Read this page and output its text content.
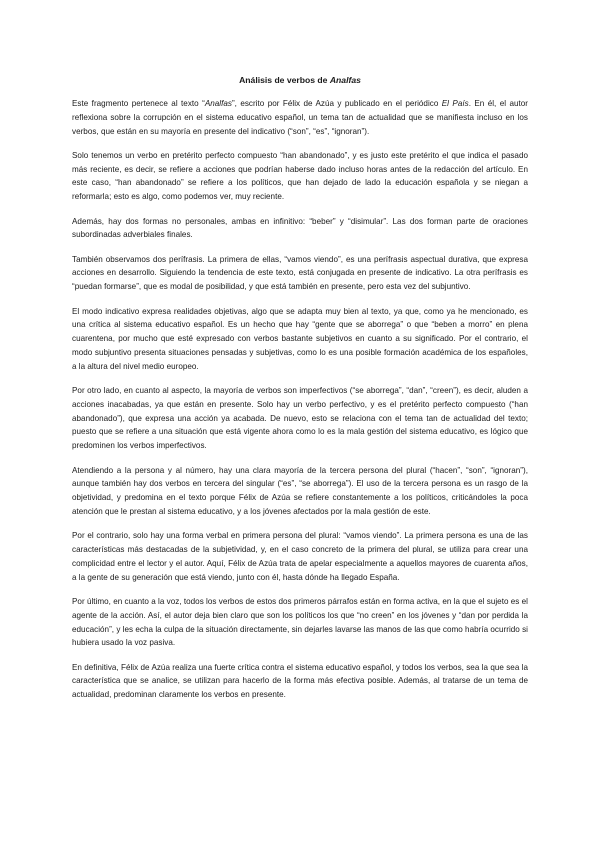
Análisis de verbos de Analfas

Este fragmento pertenece al texto “Analfas”, escrito por Félix de Azúa y publicado en el periódico El País. En él, el autor reflexiona sobre la corrupción en el sistema educativo español, un tema tan de actualidad que se manifiesta incluso en los verbos, que están en su mayoría en presente del indicativo (“son”, “es”, “ignoran”).

Solo tenemos un verbo en pretérito perfecto compuesto “han abandonado”, y es justo este pretérito el que indica el pasado más reciente, es decir, se refiere a acciones que podrían haberse dado incluso horas antes de la redacción del artículo. En este caso, “han abandonado” se refiere a los políticos, que han dejado de lado la educación española y se niegan a reformarla; esto es algo, como podemos ver, muy reciente.

Además, hay dos formas no personales, ambas en infinitivo: “beber” y “disimular”. Las dos forman parte de oraciones subordinadas adverbiales finales.

También observamos dos perífrasis. La primera de ellas, “vamos viendo”, es una perífrasis aspectual durativa, que expresa acciones en desarrollo. Siguiendo la tendencia de este texto, está conjugada en presente de indicativo. La otra perífrasis es “puedan formarse”, que es modal de posibilidad, y que está también en presente, pero esta vez del subjuntivo.

El modo indicativo expresa realidades objetivas, algo que se adapta muy bien al texto, ya que, como ya he mencionado, es una crítica al sistema educativo español. Es un hecho que hay “gente que se aborrega” o que “beben a morro” en plena cuarentena, por mucho que esté expresado con verbos bastante subjetivos en cuanto a su significado. Por el contrario, el modo subjuntivo presenta situaciones pensadas y subjetivas, como lo es una posible formación académica de los españoles, a la altura del nivel medio europeo.

Por otro lado, en cuanto al aspecto, la mayoría de verbos son imperfectivos (“se aborrega”, “dan”, “creen”), es decir, aluden a acciones inacabadas, ya que están en presente. Solo hay un verbo perfectivo, y es el pretérito perfecto compuesto (“han abandonado”), que expresa una acción ya acabada. De nuevo, esto se relaciona con el tema tan de actualidad del texto; puesto que se refiere a una situación que está vigente ahora como lo es la mala gestión del sistema educativo, es lógico que predominen los verbos imperfectivos.

Atendiendo a la persona y al número, hay una clara mayoría de la tercera persona del plural (“hacen”, “son”, “ignoran”), aunque también hay dos verbos en tercera del singular (“es”, “se aborrega”). El uso de la tercera persona es un rasgo de la objetividad, y predomina en el texto porque Félix de Azúa se refiere constantemente a los políticos, criticándoles la poca atención que le prestan al sistema educativo, y a los jóvenes afectados por la mala gestión de este.

Por el contrario, solo hay una forma verbal en primera persona del plural: “vamos viendo”. La primera persona es una de las características más destacadas de la subjetividad, y, en el caso concreto de la primera del plural, se utiliza para crear una complicidad entre el lector y el autor. Aquí, Félix de Azúa trata de apelar especialmente a aquellos mayores de cuarenta años, a la gente de su generación que está viendo, junto con él, hasta dónde ha llegado España.

Por último, en cuanto a la voz, todos los verbos de estos dos primeros párrafos están en forma activa, en la que el sujeto es el agente de la acción. Así, el autor deja bien claro que son los políticos los que “no creen” en los jóvenes y “dan por perdida la educación”, y les echa la culpa de la situación directamente, sin dejarles lavarse las manos de las que como habría ocurrido si hubiera usado la voz pasiva.

En definitiva, Félix de Azúa realiza una fuerte crítica contra el sistema educativo español, y todos los verbos, sea la que sea la característica que se analice, se utilizan para hacerlo de la forma más efectiva posible. Además, al tratarse de un tema de actualidad, predominan claramente los verbos en presente.
